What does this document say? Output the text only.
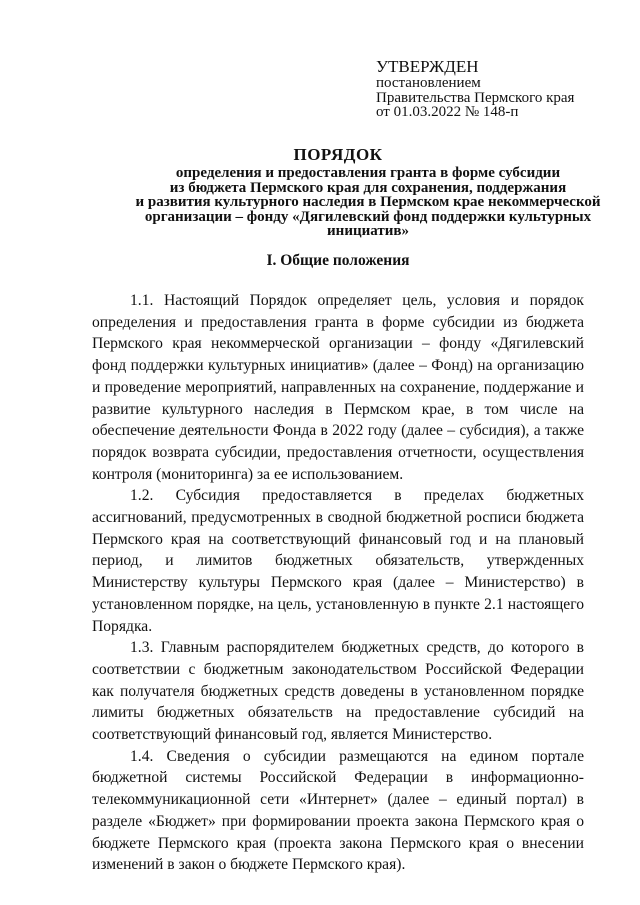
УТВЕРЖДЕН
постановлением
Правительства Пермского края
от 01.03.2022 № 148-п
ПОРЯДОК
определения и предоставления гранта в форме субсидии
из бюджета Пермского края для сохранения, поддержания
и развития культурного наследия в Пермском крае некоммерческой
организации – фонду «Дягилевский фонд поддержки культурных
инициатив»
I. Общие положения

1.1. Настоящий Порядок определяет цель, условия и порядок определения и предоставления гранта в форме субсидии из бюджета Пермского края некоммерческой организации – фонду «Дягилевский фонд поддержки культурных инициатив» (далее – Фонд) на организацию и проведение мероприятий, направленных на сохранение, поддержание и развитие культурного наследия в Пермском крае, в том числе на обеспечение деятельности Фонда в 2022 году (далее – субсидия), а также порядок возврата субсидии, предоставления отчетности, осуществления контроля (мониторинга) за ее использованием.

1.2. Субсидия предоставляется в пределах бюджетных ассигнований, предусмотренных в сводной бюджетной росписи бюджета Пермского края на соответствующий финансовый год и на плановый период, и лимитов бюджетных обязательств, утвержденных Министерству культуры Пермского края (далее – Министерство) в установленном порядке, на цель, установленную в пункте 2.1 настоящего Порядка.

1.3. Главным распорядителем бюджетных средств, до которого в соответствии с бюджетным законодательством Российской Федерации как получателя бюджетных средств доведены в установленном порядке лимиты бюджетных обязательств на предоставление субсидий на соответствующий финансовый год, является Министерство.

1.4. Сведения о субсидии размещаются на едином портале бюджетной системы Российской Федерации в информационно-телекоммуникационной сети «Интернет» (далее – единый портал) в разделе «Бюджет» при формировании проекта закона Пермского края о бюджете Пермского края (проекта закона Пермского края о внесении изменений в закон о бюджете Пермского края).
